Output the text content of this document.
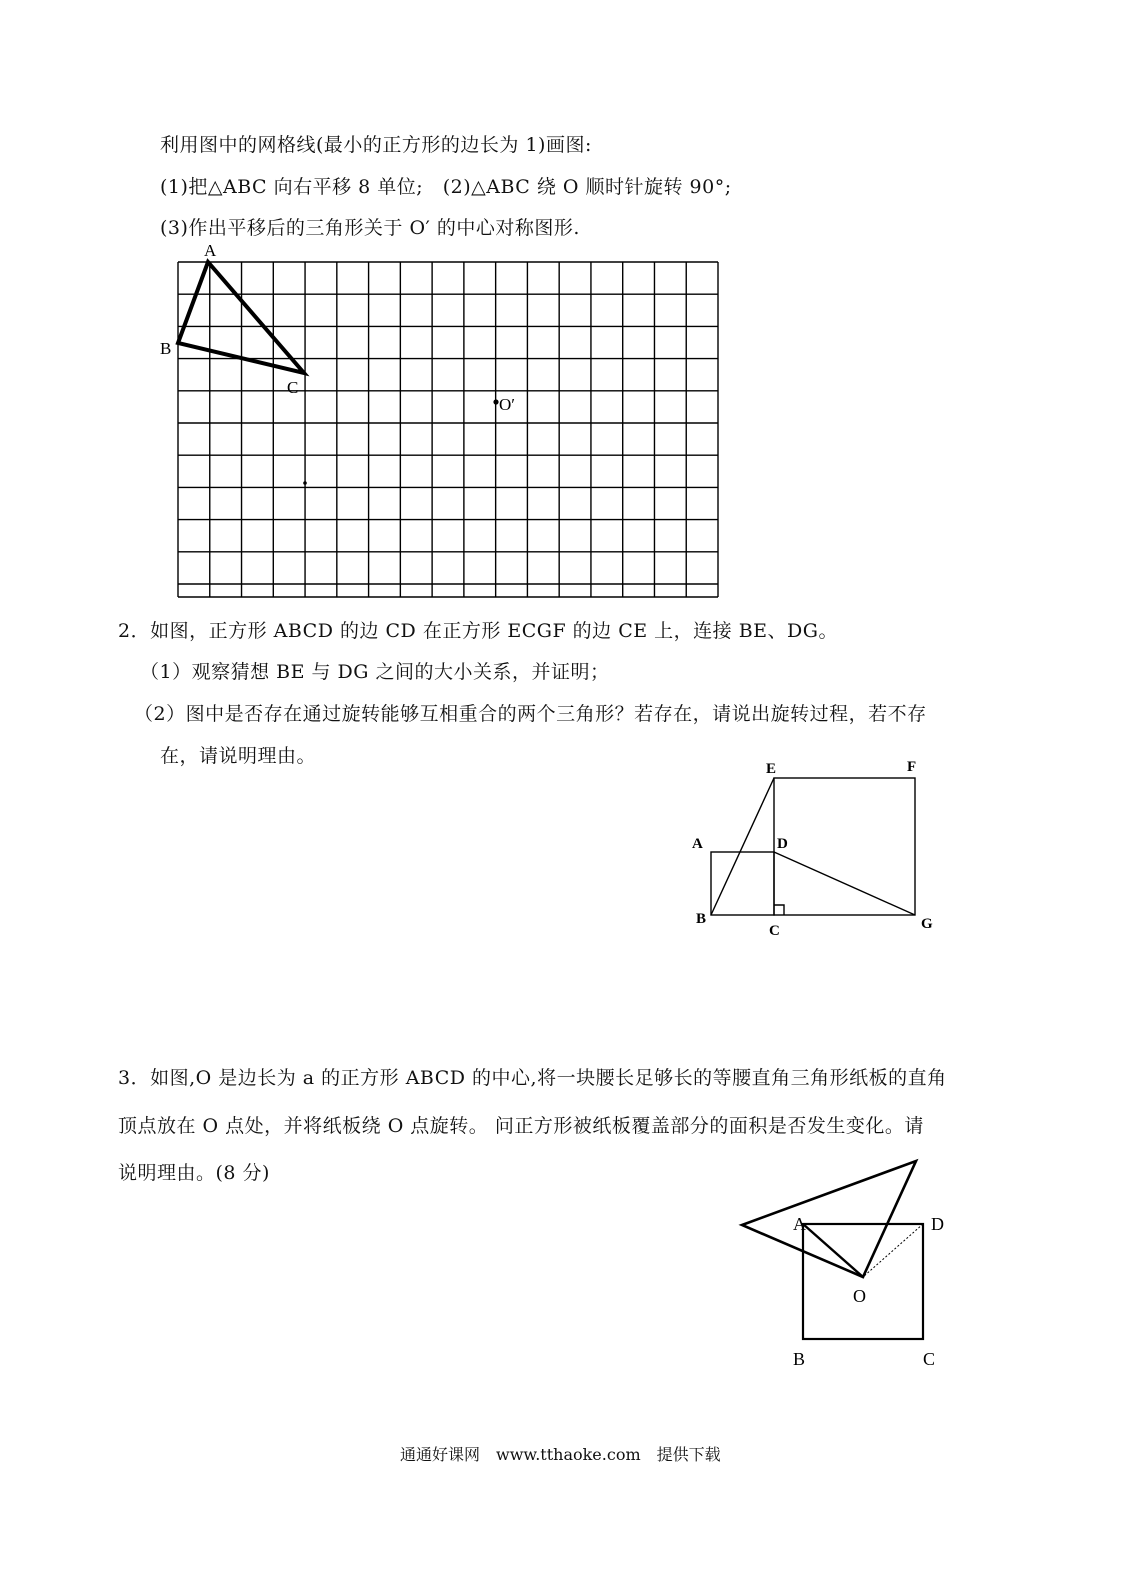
利用图中的网格线(最小的正方形的边长为 1)画图:
(1)把△ABC 向右平移 8 单位;　(2)△ABC 绕 O 顺时针旋转 90°;
(3)作出平移后的三角形关于 O′ 的中心对称图形.
A
B
C
O′
2．如图，正方形 ABCD 的边 CD 在正方形 ECGF 的边 CE 上，连接 BE、DG。
（1）观察猜想 BE 与 DG 之间的大小关系，并证明；
（2）图中是否存在通过旋转能够互相重合的两个三角形？若存在，请说出旋转过程，若不存
在，请说明理由。
A
B
C
D
E	F
G
3．如图,O 是边长为 a 的正方形 ABCD 的中心,将一块腰长足够长的等腰直角三角形纸板的直角
顶点放在 O 点处，并将纸板绕 O 点旋转。 问正方形被纸板覆盖部分的面积是否发生变化。请
说明理由。(8 分)
A	D
O
B	C
通通好课网　www.tthaoke.com　提供下载
